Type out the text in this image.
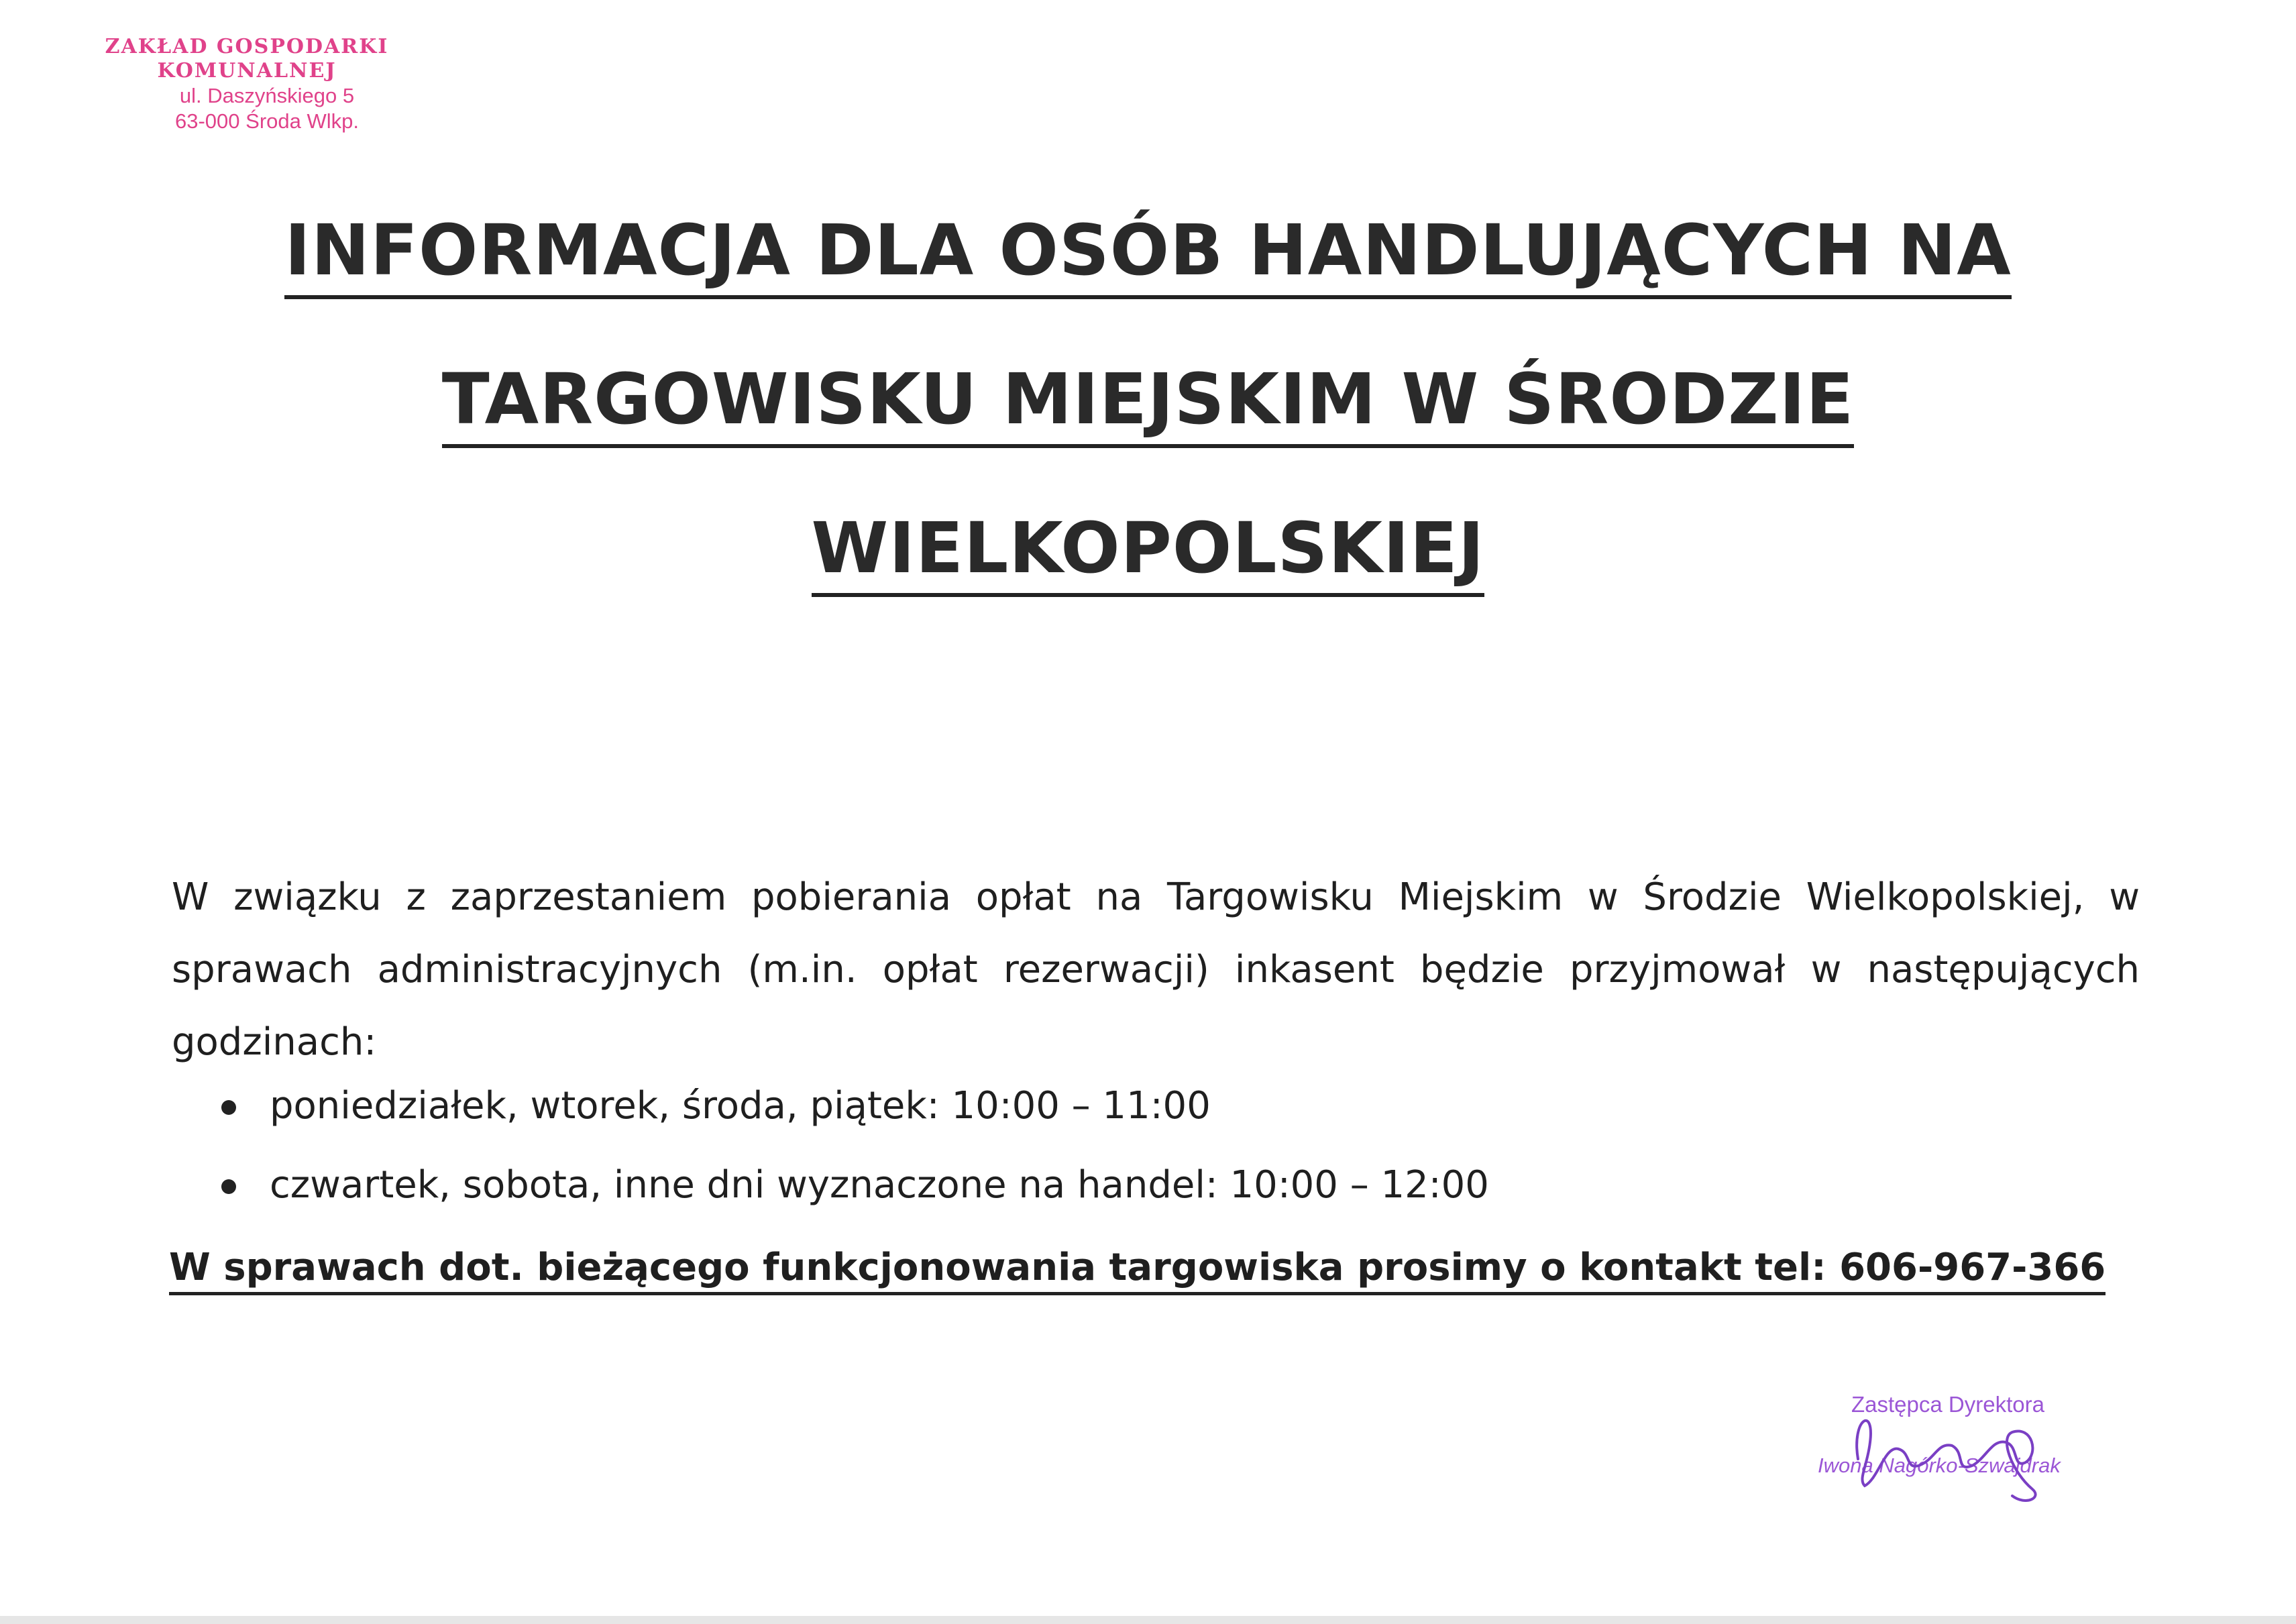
ZAKŁAD GOSPODARKI
KOMUNALNEJ
ul. Daszyńskiego 5
63-000 Środa Wlkp.
INFORMACJA DLA OSÓB HANDLUJĄCYCH NA
TARGOWISKU MIEJSKIM W ŚRODZIE
WIELKOPOLSKIEJ

W związku z zaprzestaniem pobierania opłat na Targowisku Miejskim w Środzie Wielkopolskiej, w sprawach administracyjnych (m.in. opłat rezerwacji) inkasent będzie przyjmował w następujących godzinach:

poniedziałek, wtorek, środa, piątek: 10:00 – 11:00
czwartek, sobota, inne dni wyznaczone na handel: 10:00 – 12:00
W sprawach dot. bieżącego funkcjonowania targowiska prosimy o kontakt tel: 606-967-366
Zastępca Dyrektora
Iwona Nagórko-Szwajdrak
